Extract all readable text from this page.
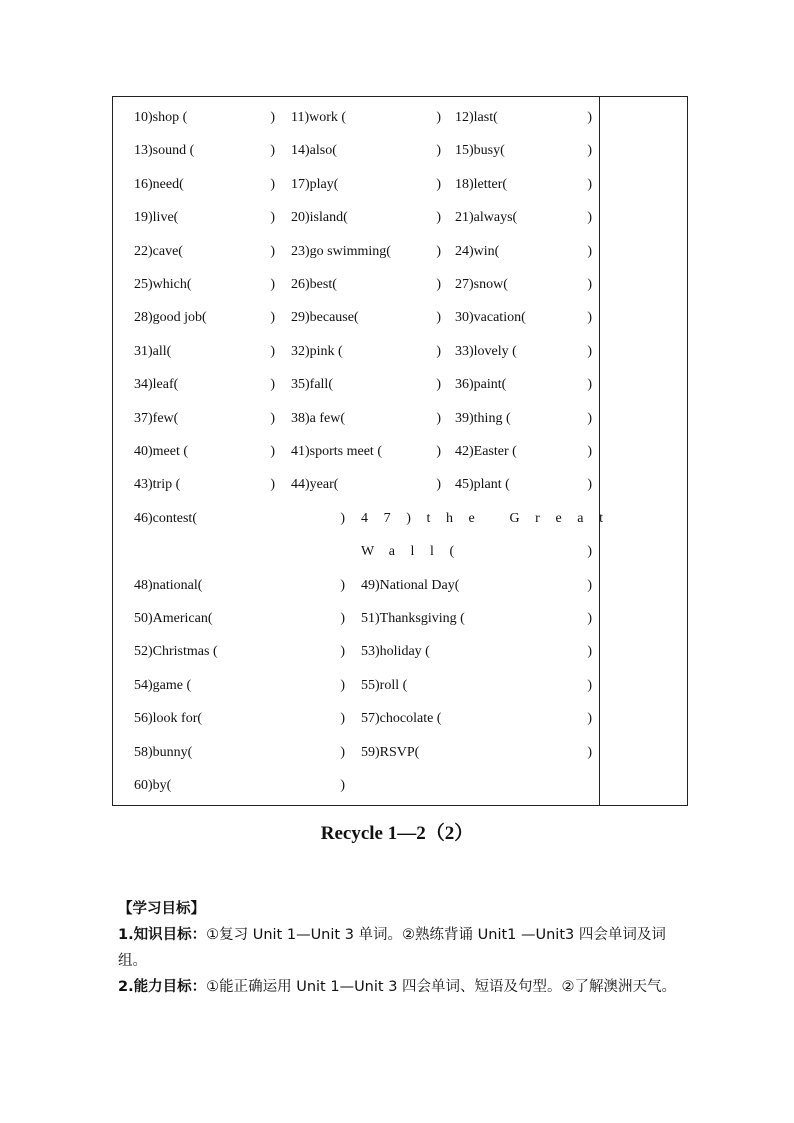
10)shop (	) 11)work (	) 12)last(	)
13)sound (	) 14)also(	) 15)busy(	)
16)need(	) 17)play(	) 18)letter(	)
19)live(	) 20)island(	) 21)always(	)
22)cave(	) 23)go swimming(	) 24)win(	)
25)which(	) 26)best(	) 27)snow(	)
28)good job(	) 29)because(	) 30)vacation(	)
31)all(	) 32)pink (	) 33)lovely (	)
34)leaf(	) 35)fall(	) 36)paint(	)
37)few(	) 38)a few(	) 39)thing (	)
40)meet (	) 41)sports meet (	) 42)Easter (	)
43)trip (	) 44)year(	) 45)plant (	)
46)contest(	) 47)the Great
Wall(	)
48)national(	) 49)National Day(	)
50)American(	) 51)Thanksgiving (	)
52)Christmas (	) 53)holiday (	)
54)game (	) 55)roll (	)
56)look for(	) 57)chocolate (	)
58)bunny(	) 59)RSVP(	)
60)by(	)
Recycle 1—2（2）
【学习目标】
1.知识目标：①复习 Unit 1—Unit 3 单词。②熟练背诵 Unit1 —Unit3 四会单词及词组。
2.能力目标：①能正确运用 Unit 1—Unit 3 四会单词、短语及句型。②了解澳洲天气。
